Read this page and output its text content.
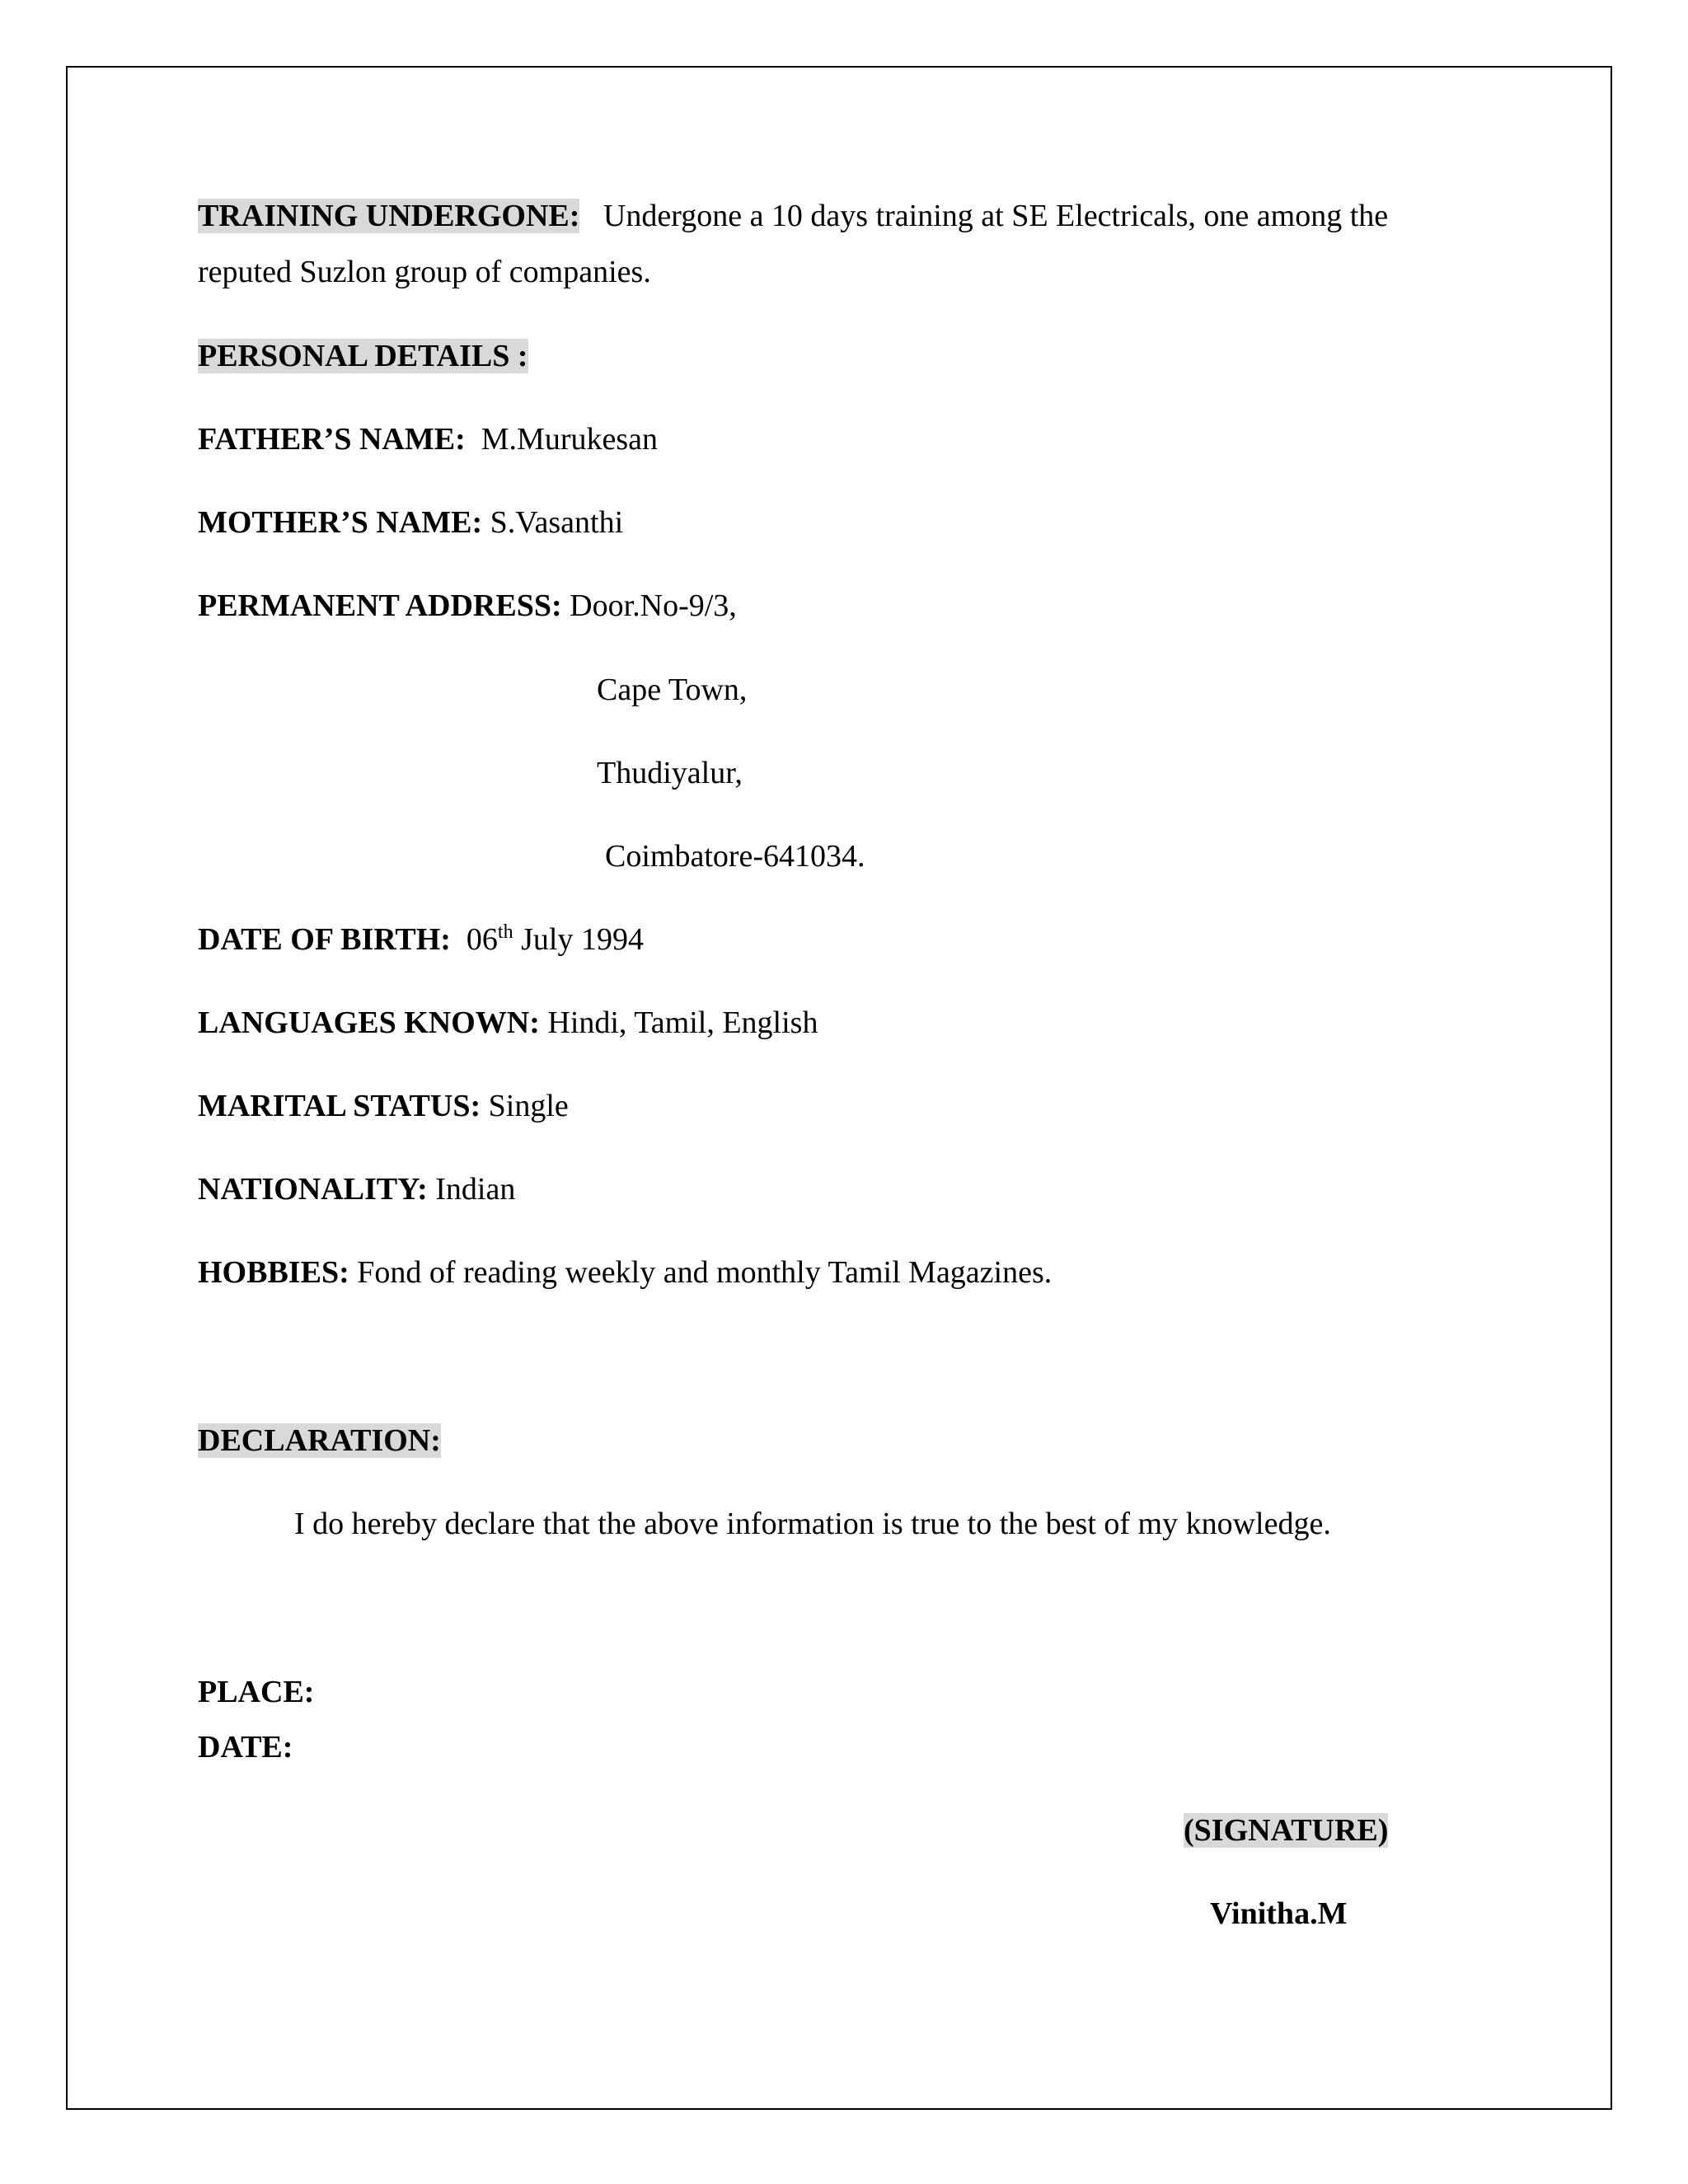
TRAINING UNDERGONE: Undergone a 10 days training at SE Electricals, one among the
reputed Suzlon group of companies.
PERSONAL DETAILS :
FATHER’S NAME: M.Murukesan
MOTHER’S NAME: S.Vasanthi
PERMANENT ADDRESS: Door.No-9/3,
Cape Town,
Thudiyalur,
Coimbatore-641034.
DATE OF BIRTH: 06th July 1994
LANGUAGES KNOWN: Hindi, Tamil, English
MARITAL STATUS: Single
NATIONALITY: Indian
HOBBIES: Fond of reading weekly and monthly Tamil Magazines.
DECLARATION:
I do hereby declare that the above information is true to the best of my knowledge.
PLACE:
DATE:
(SIGNATURE)
Vinitha.M
